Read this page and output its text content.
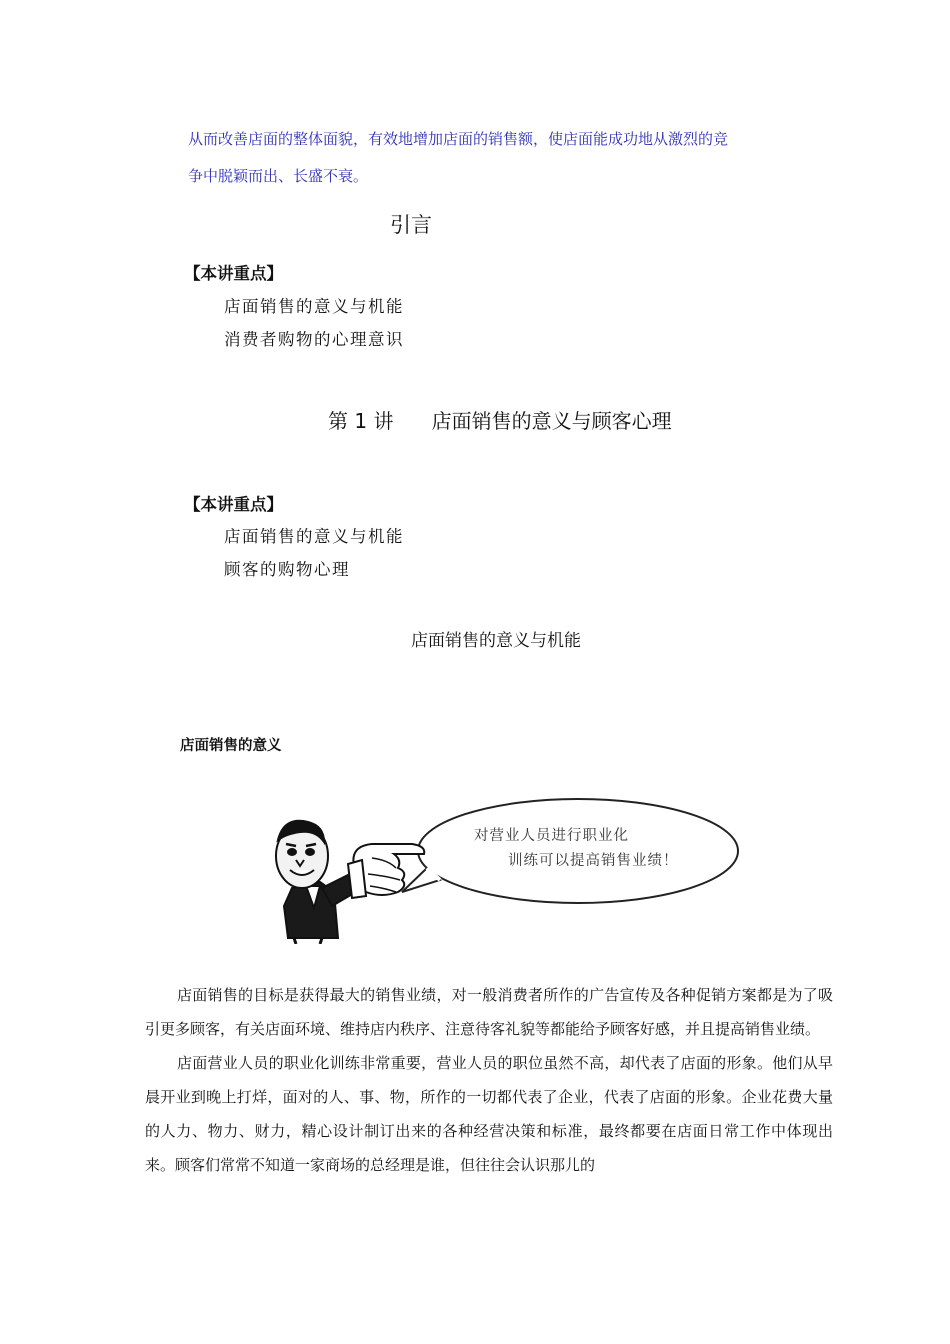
从而改善店面的整体面貌，有效地增加店面的销售额，使店面能成功地从激烈的竞

争中脱颖而出、长盛不衰。

引言
【本讲重点】
店面销售的意义与机能
消费者购物的心理意识
第 1 讲      店面销售的意义与顾客心理
【本讲重点】
店面销售的意义与机能
顾客的购物心理
店面销售的意义与机能
店面销售的意义
对营业人员进行职业化
训练可以提高销售业绩！

店面销售的目标是获得最大的销售业绩，对一般消费者所作的广告宣传及各种促销方案都是为了吸引更多顾客，有关店面环境、维持店内秩序、注意待客礼貌等都能给予顾客好感，并且提高销售业绩。

店面营业人员的职业化训练非常重要，营业人员的职位虽然不高，却代表了店面的形象。他们从早晨开业到晚上打烊，面对的人、事、物，所作的一切都代表了企业，代表了店面的形象。企业花费大量的人力、物力、财力，精心设计制订出来的各种经营决策和标准，最终都要在店面日常工作中体现出来。顾客们常常不知道一家商场的总经理是谁，但往往会认识那儿的
